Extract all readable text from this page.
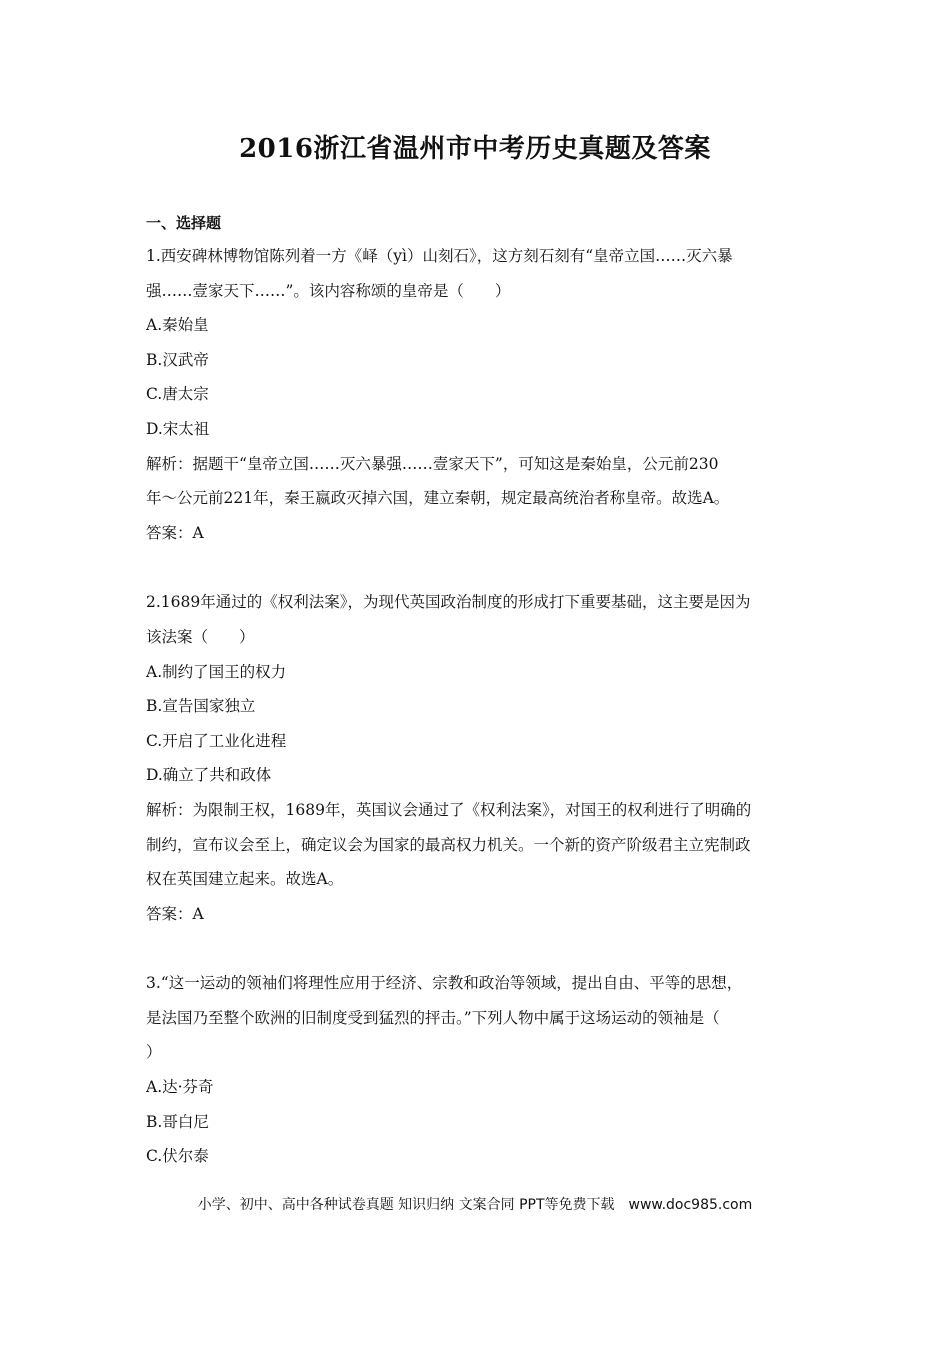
2016浙江省温州市中考历史真题及答案
一、选择题
1.西安碑林博物馆陈列着一方《峄（yì）山刻石》，这方刻石刻有“皇帝立国……灭六暴
强……壹家天下……”。该内容称颂的皇帝是（　　）
A.秦始皇
B.汉武帝
C.唐太宗
D.宋太祖
解析：据题干“皇帝立国……灭六暴强……壹家天下”，可知这是秦始皇，公元前230
年～公元前221年，秦王嬴政灭掉六国，建立秦朝，规定最高统治者称皇帝。故选A。
答案：A
2.1689年通过的《权利法案》，为现代英国政治制度的形成打下重要基础，这主要是因为
该法案（　　）
A.制约了国王的权力
B.宣告国家独立
C.开启了工业化进程
D.确立了共和政体
解析：为限制王权，1689年，英国议会通过了《权利法案》，对国王的权利进行了明确的
制约，宣布议会至上，确定议会为国家的最高权力机关。一个新的资产阶级君主立宪制政
权在英国建立起来。故选A。
答案：A
3.“这一运动的领袖们将理性应用于经济、宗教和政治等领域，提出自由、平等的思想，
是法国乃至整个欧洲的旧制度受到猛烈的抨击。”下列人物中属于这场运动的领袖是（
）
A.达·芬奇
B.哥白尼
C.伏尔泰
小学、初中、高中各种试卷真题 知识归纳 文案合同 PPT等免费下载　www.doc985.com
